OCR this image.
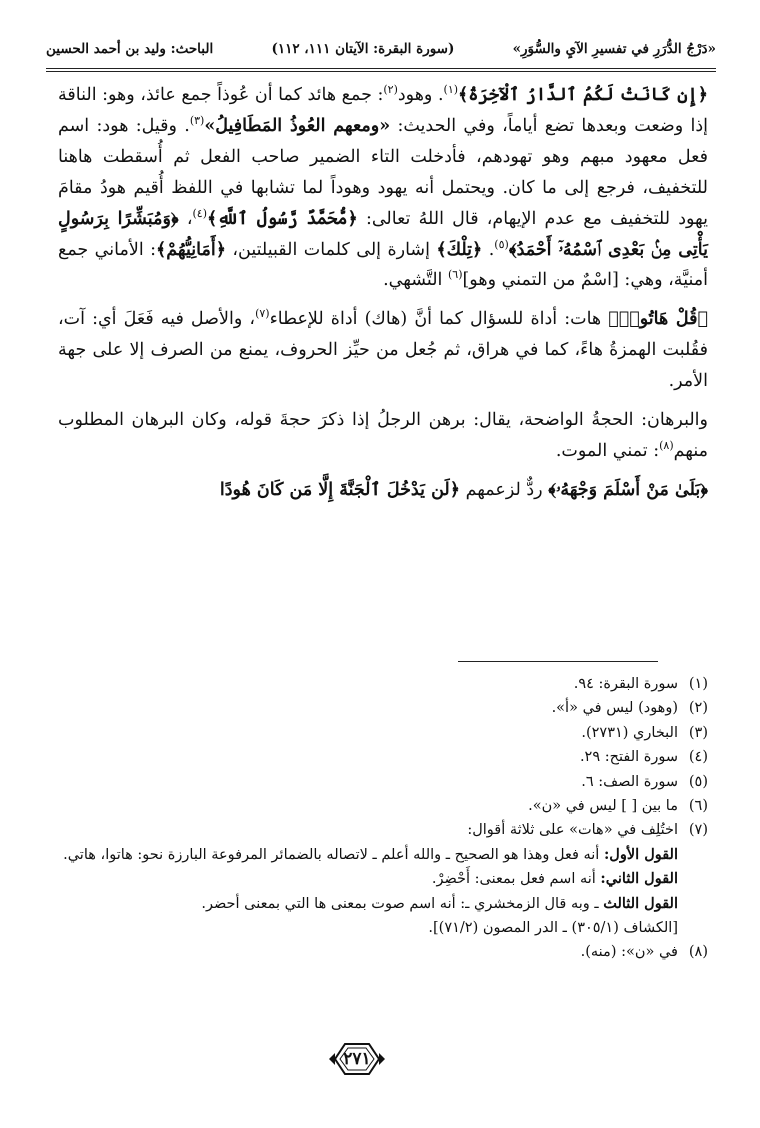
«دَرْجُ الدُّرَرِ في تفسيرِ الآيِ والسُّوَرِ»
(سورة البقرة: الآيتان ١١١، ١١٢)
الباحث: وليد بن أحمد الحسين

﴿إِن كَانَتْ لَكُمُ ٱلدَّارُ ٱلْآخِرَةُ﴾$^{(١)}$. وهود$^{(٢)}$: جمع هائد كما أن عُوذاً جمع عائذ، وهو: الناقة إذا وضعت وبعدها تضع أياماً، وفي الحديث: «ومعهم العُوذُ المَطَافِيلُ»$^{(٣)}$. وقيل: هود: اسم فعل معهود مبهم وهو تهودهم، فأدخلت التاء الضمير صاحب الفعل ثم أُسقطت هاهنا للتخفيف، فرجع إلى ما كان. ويحتمل أنه يهود وهوداً لما تشابها في اللفظ أُقيم هودُ مقامَ يهود للتخفيف مع عدم الإيهام، قال اللهُ تعالى: ﴿مُّحَمَّدٌ رَّسُولُ ٱللَّهِ﴾$^{(٤)}$، ﴿وَمُبَشِّرًا بِرَسُولٍ يَأْتِى مِنۢ بَعْدِى ٱسْمُهُۥٓ أَحْمَدُ﴾$^{(٥)}$. ﴿تِلْكَ﴾ إشارة إلى كلمات القبيلتين، ﴿أَمَانِيُّهُمْ﴾: الأماني جمع أمنيَّة، وهي: [اسْمٌ من التمني وهو]$^{(٦)}$ التَّشهي.

﴿قُلْ هَاتُوا۟﴾ هات: أداة للسؤال كما أنَّ (هاك) أداة للإعطاء$^{(٧)}$، والأصل فيه فَعَلَ أي: آت، فقُلبت الهمزةُ هاءً، كما في هراق، ثم جُعل من حيِّز الحروف، يمنع من الصرف إلا على جهة الأمر.

والبرهان: الحجةُ الواضحة، يقال: برهن الرجلُ إذا ذكرَ حجةَ قوله، وكان البرهان المطلوب منهم$^{(٨)}$: تمني الموت.

﴿بَلَىٰ مَنْ أَسْلَمَ وَجْهَهُۥ﴾ ردٌّ لزعمهم ﴿لَن يَدْخُلَ ٱلْجَنَّةَ إِلَّا مَن كَانَ هُودًا

(١)
سورة البقرة: ٩٤.
(٢)
(وهود) ليس في «أ».
(٣)
البخاري (٢٧٣١).
(٤)
سورة الفتح: ٢٩.
(٥)
سورة الصف: ٦.
(٦)
ما بين [ ] ليس في «ن».
(٧)
اختُلِف في «هات» على ثلاثة أقوال:
القول الأول: أنه فعل وهذا هو الصحيح ـ والله أعلم ـ لاتصاله بالضمائر المرفوعة البارزة نحو: هاتوا، هاتي.
القول الثاني: أنه اسم فعل بمعنى: أَحْضِرْ.
القول الثالث ـ وبه قال الزمخشري ـ: أنه اسم صوت بمعنى ها التي بمعنى أحضر.
[الكشاف (٣٠٥/١) ـ الدر المصون (٧١/٢)].
(٨)
في «ن»: (منه).
٢٧١
